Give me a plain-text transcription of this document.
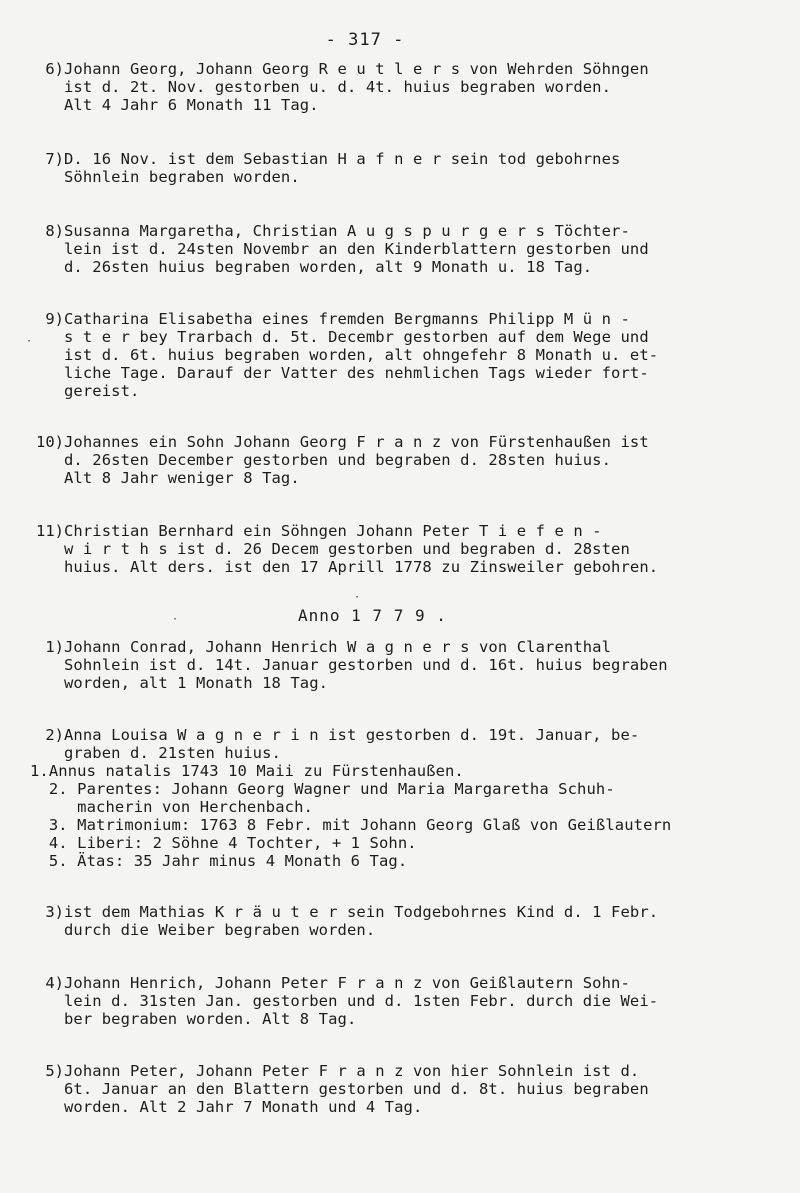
- 317 -
6) Johann Georg, Johann Georg R e u t l e r s von Wehrden Söhngen
ist d. 2t. Nov. gestorben u. d. 4t. huius begraben worden.
Alt 4 Jahr 6 Monath 11 Tag.
7) D. 16 Nov. ist dem Sebastian H a f n e r sein tod gebohrnes
Söhnlein begraben worden.
8) Susanna Margaretha, Christian A u g s p u r g e r s Töchter-
lein ist d. 24sten Novembr an den Kinderblattern gestorben und
d. 26sten huius begraben worden, alt 9 Monath u. 18 Tag.
9) Catharina Elisabetha eines fremden Bergmanns Philipp M ü n -
s t e r bey Trarbach d. 5t. Decembr gestorben auf dem Wege und
ist d. 6t. huius begraben worden, alt ohngefehr 8 Monath u. et-
liche Tage. Darauf der Vatter des nehmlichen Tags wieder fort-
gereist.
10) Johannes ein Sohn Johann Georg F r a n z von Fürstenhaußen ist
d. 26sten December gestorben und begraben d. 28sten huius.
Alt 8 Jahr weniger 8 Tag.
11) Christian Bernhard ein Söhngen Johann Peter T i e f e n -
w i r t h s ist d. 26 Decem gestorben und begraben d. 28sten
huius. Alt ders. ist den 17 Aprill 1778 zu Zinsweiler gebohren.
Anno 1 7 7 9 .
1) Johann Conrad, Johann Henrich W a g n e r s von Clarenthal
Sohnlein ist d. 14t. Januar gestorben und d. 16t. huius begraben
worden, alt 1 Monath 18 Tag.
2) Anna Louisa W a g n e r i n ist gestorben d. 19t. Januar, be-
graben d. 21sten huius.
1.Annus natalis 1743 10 Maii zu Fürstenhaußen.
2. Parentes: Johann Georg Wagner und Maria Margaretha Schuh-
macherin von Herchenbach.
3. Matrimonium: 1763 8 Febr. mit Johann Georg Glaß von Geißlautern
4. Liberi: 2 Söhne 4 Tochter, + 1 Sohn.
5. Ätas: 35 Jahr minus 4 Monath 6 Tag.
3) ist dem Mathias K r ä u t e r sein Todgebohrnes Kind d. 1 Febr.
durch die Weiber begraben worden.
4) Johann Henrich, Johann Peter F r a n z von Geißlautern Sohn-
lein d. 31sten Jan. gestorben und d. 1sten Febr. durch die Wei-
ber begraben worden. Alt 8 Tag.
5) Johann Peter, Johann Peter F r a n z von hier Sohnlein ist d.
6t. Januar an den Blattern gestorben und d. 8t. huius begraben
worden. Alt 2 Jahr 7 Monath und 4 Tag.
·
·
·
